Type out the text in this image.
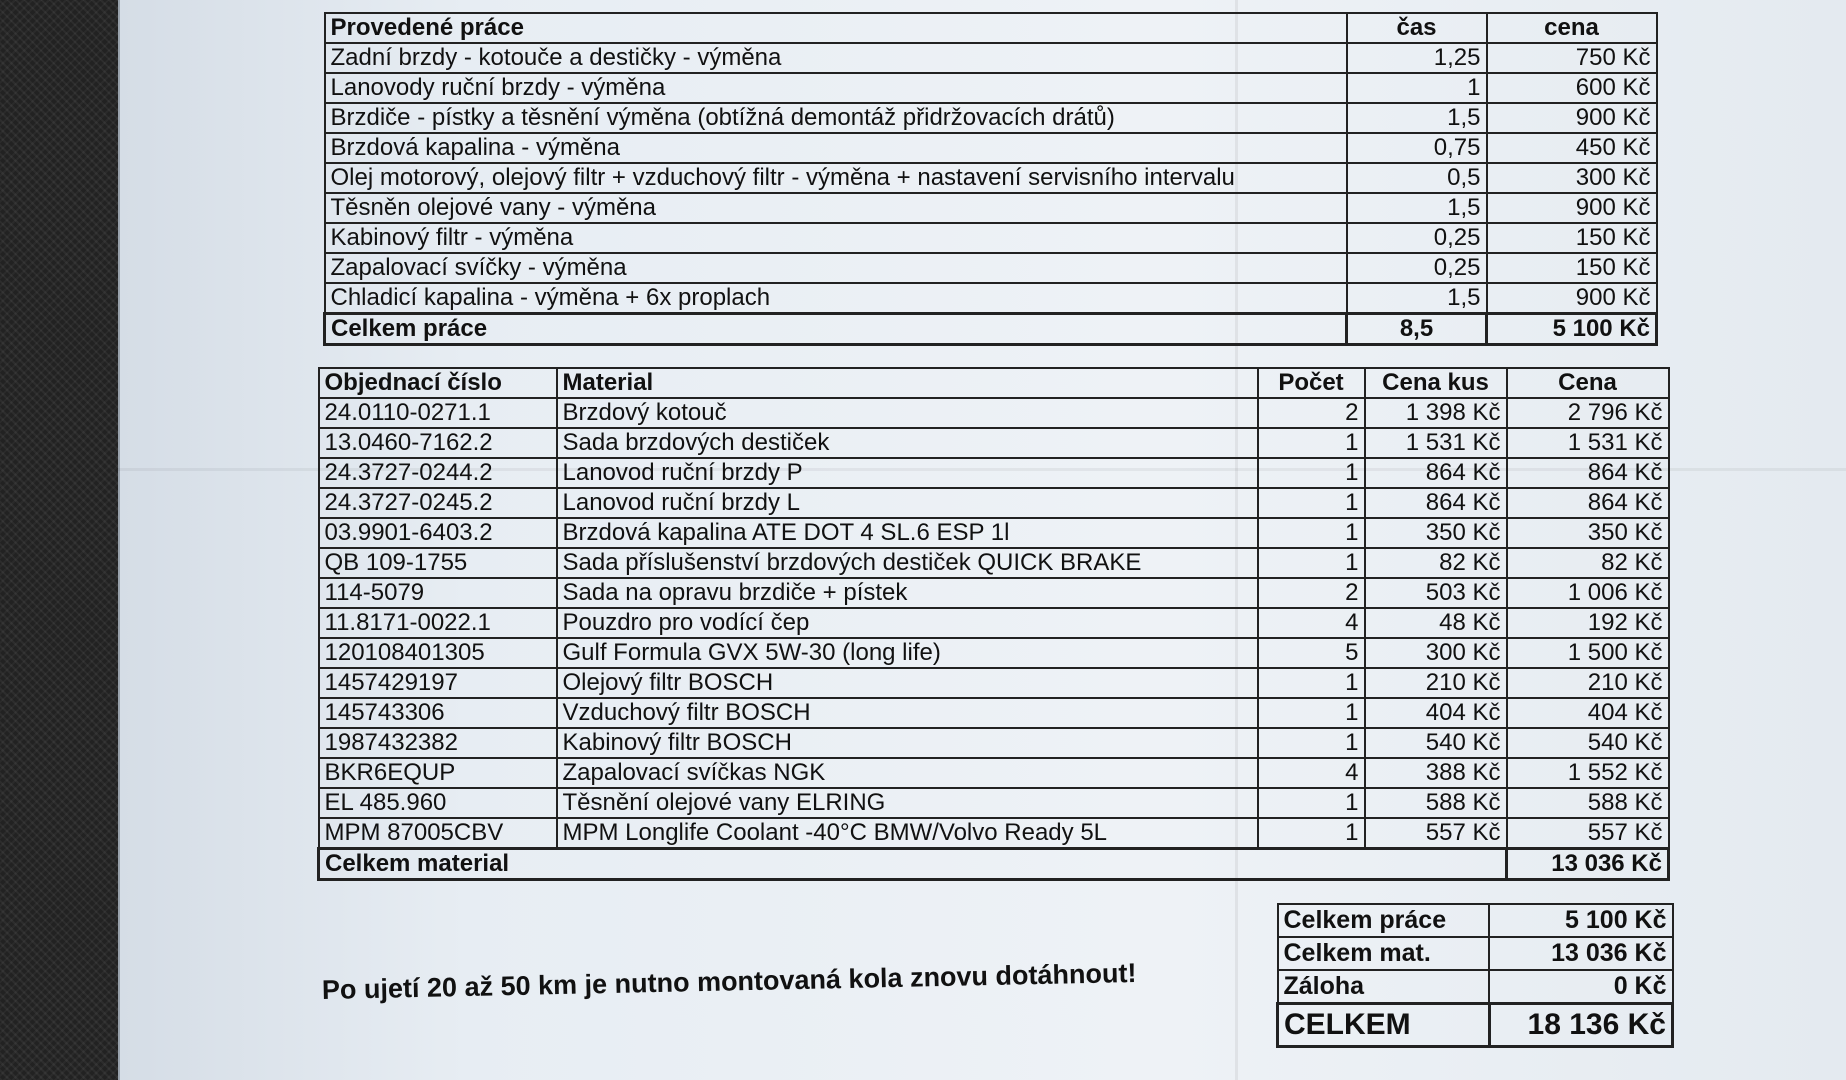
Provedené práce	čas	cena
Zadní brzdy - kotouče a destičky - výměna	1,25	750 Kč
Lanovody ruční brzdy - výměna	1	600 Kč
Brzdiče - pístky a těsnění výměna (obtížná demontáž přidržovacích drátů)	1,5	900 Kč
Brzdová kapalina - výměna	0,75	450 Kč
Olej motorový, olejový filtr + vzduchový filtr - výměna + nastavení servisního intervalu	0,5	300 Kč
Těsněn olejové vany - výměna	1,5	900 Kč
Kabinový filtr - výměna	0,25	150 Kč
Zapalovací svíčky - výměna	0,25	150 Kč
Chladicí kapalina - výměna + 6x proplach	1,5	900 Kč
Celkem práce	8,5	5 100 Kč
Objednací číslo	Material	Počet	Cena kus	Cena
24.0110-0271.1	Brzdový kotouč	2	1 398 Kč	2 796 Kč
13.0460-7162.2	Sada brzdových destiček	1	1 531 Kč	1 531 Kč
24.3727-0244.2	Lanovod ruční brzdy P	1	864 Kč	864 Kč
24.3727-0245.2	Lanovod ruční brzdy L	1	864 Kč	864 Kč
03.9901-6403.2	Brzdová kapalina ATE DOT 4 SL.6 ESP 1l	1	350 Kč	350 Kč
QB 109-1755	Sada příslušenství brzdových destiček QUICK BRAKE	1	82 Kč	82 Kč
114-5079	Sada na opravu brzdiče + pístek	2	503 Kč	1 006 Kč
11.8171-0022.1	Pouzdro pro vodící čep	4	48 Kč	192 Kč
120108401305	Gulf Formula GVX 5W-30 (long life)	5	300 Kč	1 500 Kč
1457429197	Olejový filtr BOSCH	1	210 Kč	210 Kč
145743306	Vzduchový filtr BOSCH	1	404 Kč	404 Kč
1987432382	Kabinový filtr BOSCH	1	540 Kč	540 Kč
BKR6EQUP	Zapalovací svíčkas NGK	4	388 Kč	1 552 Kč
EL 485.960	Těsnění olejové vany ELRING	1	588 Kč	588 Kč
MPM 87005CBV	MPM Longlife Coolant -40°C BMW/Volvo Ready 5L	1	557 Kč	557 Kč
Celkem material				13 036 Kč
Celkem práce	5 100 Kč
Celkem mat.	13 036 Kč
Záloha	0 Kč
CELKEM	18 136 Kč
Po ujetí 20 až 50 km je nutno montovaná kola znovu dotáhnout!
